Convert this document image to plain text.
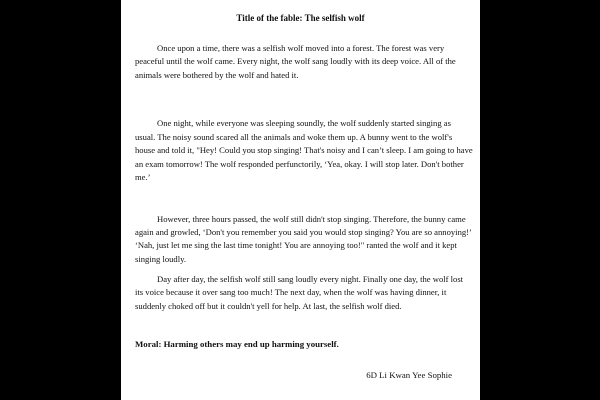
Title of the fable: The selfish wolf

Once upon a time, there was a selfish wolf moved into a forest. The forest was very peaceful until the wolf came. Every night, the wolf sang loudly with its deep voice. All of the animals were bothered by the wolf and hated it.

One night, while everyone was sleeping soundly, the wolf suddenly started singing as usual. The noisy sound scared all the animals and woke them up. A bunny went to the wolf's house and told it, "Hey! Could you stop singing! That's noisy and I can’t sleep. I am going to have an exam tomorrow! The wolf responded perfunctorily, ‘Yea, okay. I will stop later. Don't bother me.’

However, three hours passed, the wolf still didn't stop singing. Therefore, the bunny came again and growled, ‘Don't you remember you said you would stop singing? You are so annoying!’ ‘Nah, just let me sing the last time tonight! You are annoying too!" ranted the wolf and it kept singing loudly.

Day after day, the selfish wolf still sang loudly every night. Finally one day, the wolf lost its voice because it over sang too much! The next day, when the wolf was having dinner, it suddenly choked off but it couldn't yell for help. At last, the selfish wolf died.

Moral: Harming others may end up harming yourself.
6D Li Kwan Yee Sophie
